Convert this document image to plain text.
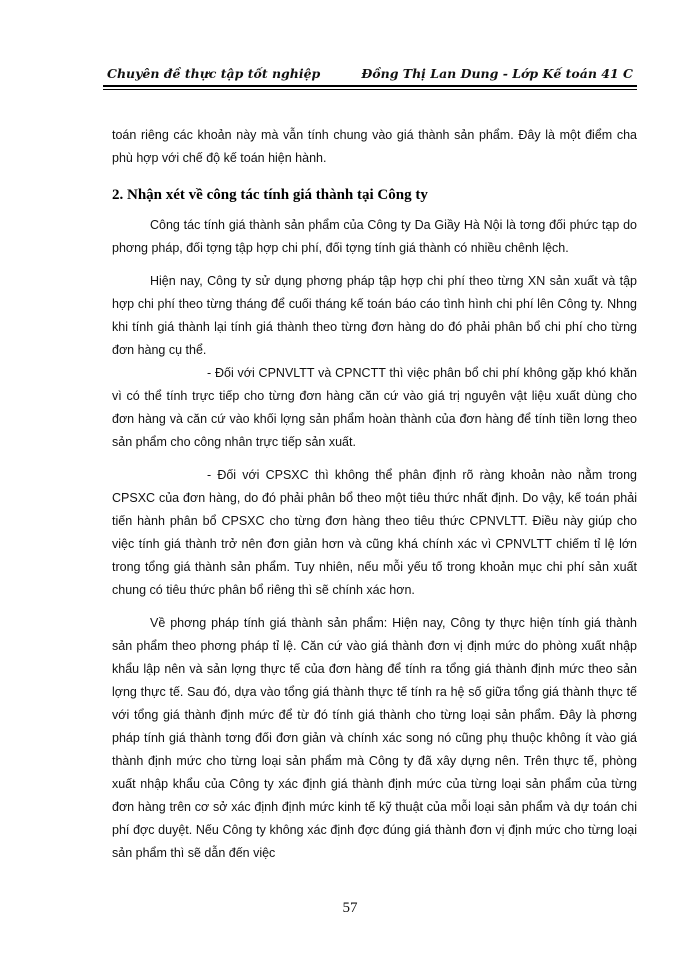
Chuyên đề thực tập tốt nghiệp	Đồng Thị Lan Dung - Lớp Kế toán 41 C

toán riêng các khoản này mà vẫn tính chung vào giá thành sản phẩm. Đây là một điểm cha phù hợp với chế độ kế toán hiện hành.

2. Nhận xét về công tác tính giá thành tại Công ty

Công tác tính giá thành sản phẩm của Công ty Da Giầy Hà Nội là tơng đối phức tạp do phơng pháp, đối tợng tập hợp chi phí, đối tợng tính giá thành có nhiều chênh lệch.

Hiện nay, Công ty sử dụng phơng pháp tập hợp chi phí theo từng XN sản xuất và tập hợp chi phí theo từng tháng để cuối tháng kế toán báo cáo tình hình chi phí lên Công ty. Nhng khi tính giá thành lại tính giá thành theo từng đơn hàng do đó phải phân bổ chi phí cho từng đơn hàng cụ thể.

- Đối với CPNVLTT và CPNCTT thì việc phân bổ chi phí không gặp khó khăn vì có thể tính trực tiếp cho từng đơn hàng căn cứ vào giá trị nguyên vật liệu xuất dùng cho đơn hàng và căn cứ vào khối lợng sản phẩm hoàn thành của đơn hàng để tính tiền lơng theo sản phẩm cho công nhân trực tiếp sản xuất.

- Đối với CPSXC thì không thể phân định rõ ràng khoản nào nằm trong CPSXC của đơn hàng, do đó phải phân bổ theo một tiêu thức nhất định. Do vậy, kế toán phải tiến hành phân bổ CPSXC cho từng đơn hàng theo tiêu thức CPNVLTT. Điều này giúp cho việc tính giá thành trở nên đơn giản hơn và cũng khá chính xác vì CPNVLTT chiếm tỉ lệ lớn trong tổng giá thành sản phẩm. Tuy nhiên, nếu mỗi yếu tố trong khoản mục chi phí sản xuất chung có tiêu thức phân bổ riêng thì sẽ chính xác hơn.

Về phơng pháp tính giá thành sản phẩm: Hiện nay, Công ty thực hiện tính giá thành sản phẩm theo phơng pháp tỉ lệ. Căn cứ vào giá thành đơn vị định mức do phòng xuất nhập khẩu lập nên và sản lợng thực tế của đơn hàng để tính ra tổng giá thành định mức theo sản lợng thực tế. Sau đó, dựa vào tổng giá thành thực tế tính ra hệ số giữa tổng giá thành thực tế với tổng giá thành định mức để từ đó tính giá thành cho từng loại sản phẩm. Đây là phơng pháp tính giá thành tơng đối đơn giản và chính xác song nó cũng phụ thuộc không ít vào giá thành định mức cho từng loại sản phẩm mà Công ty đã xây dựng nên. Trên thực tế, phòng xuất nhập khẩu của Công ty xác định giá thành định mức của từng loại sản phẩm của từng đơn hàng trên cơ sở xác định định mức kinh tế kỹ thuật của mỗi loại sản phẩm và dự toán chi phí đợc duyệt. Nếu Công ty không xác định đợc đúng giá thành đơn vị định mức cho từng loại sản phẩm thì sẽ dẫn đến việc

57
